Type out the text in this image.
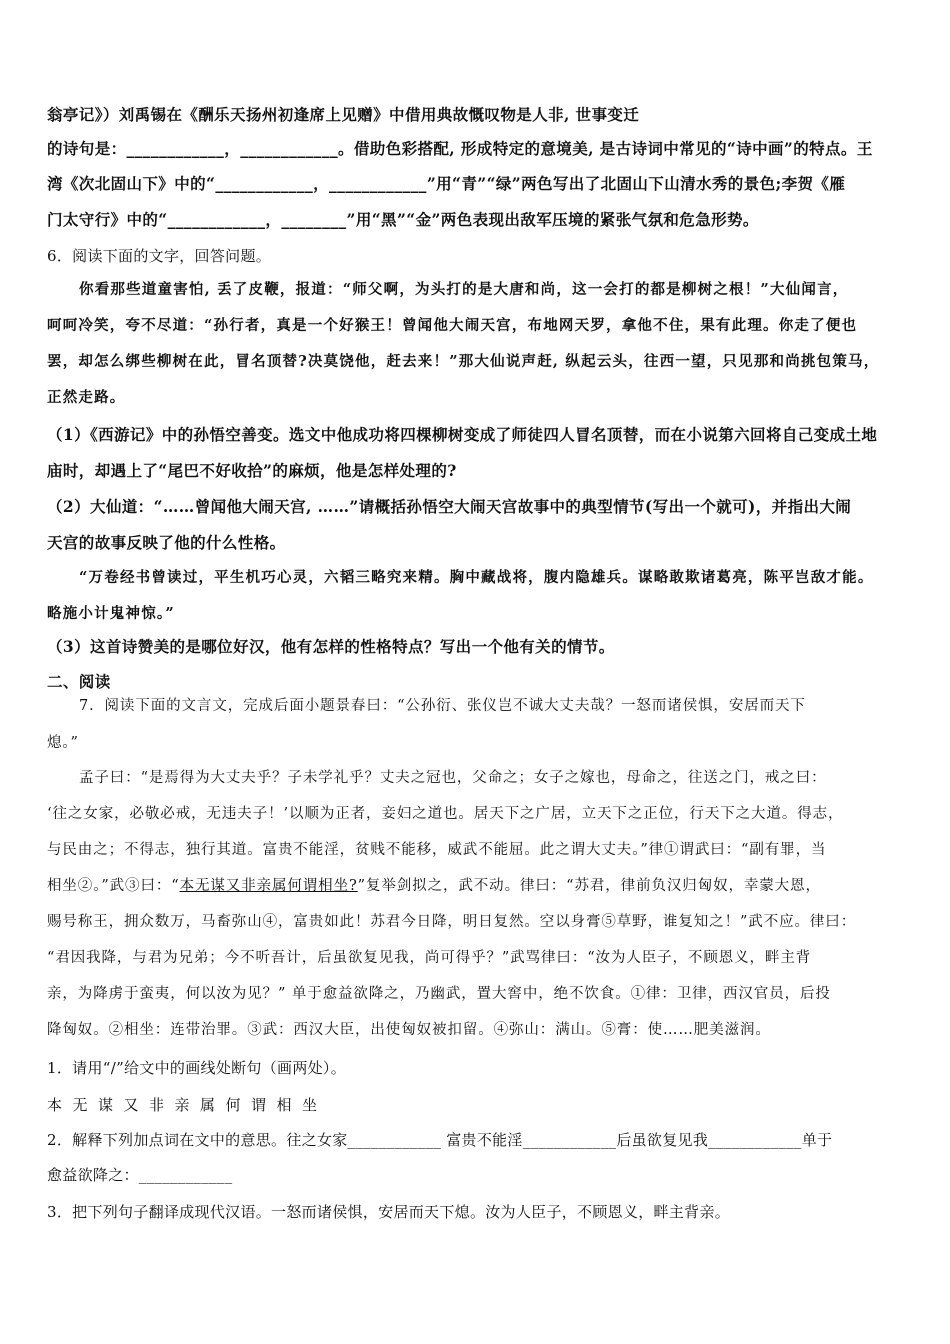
翁亭记》）刘禹锡在《酬乐天扬州初逢席上见赠》中借用典故慨叹物是人非, 世事变迁
的诗句是：____________，____________。借助色彩搭配, 形成特定的意境美, 是古诗词中常见的“诗中画”的特点。王
湾《次北固山下》中的“____________，____________”用“青”“绿”两色写出了北固山下山清水秀的景色;李贺《雁
门太守行》中的“____________，________”用“黑”“金”两色表现出敌军压境的紧张气氛和危急形势。
6．阅读下面的文字，回答问题。
你看那些道童害怕, 丢了皮鞭，报道：“师父啊，为头打的是大唐和尚，这一会打的都是柳树之根！”大仙闻言，
呵呵冷笑，夸不尽道：“孙行者，真是一个好猴王！曾闻他大闹天宫，布地网天罗，拿他不住，果有此理。你走了便也
罢，却怎么绑些柳树在此，冒名顶替?决莫饶他，赶去来！”那大仙说声赶, 纵起云头，往西一望，只见那和尚挑包策马，
正然走路。
（1）《西游记》中的孙悟空善变。选文中他成功将四棵柳树变成了师徒四人冒名顶替，而在小说第六回将自己变成土地
庙时，却遇上了“尾巴不好收拾”的麻烦，他是怎样处理的?
（2）大仙道：“……曾闻他大闹天宫, ……”请概括孙悟空大闹天宫故事中的典型情节(写出一个就可)，并指出大闹
天宫的故事反映了他的什么性格。
“万卷经书曾读过，平生机巧心灵，六韬三略究来精。胸中藏战将，腹内隐雄兵。谋略敢欺诸葛亮，陈平岂敌才能。
略施小计鬼神惊。”
（3）这首诗赞美的是哪位好汉，他有怎样的性格特点？写出一个他有关的情节。
二、阅读
7．阅读下面的文言文，完成后面小题景春曰：“公孙衍、张仪岂不诚大丈夫哉？一怒而诸侯惧，安居而天下
熄。”
孟子曰：“是焉得为大丈夫乎？子未学礼乎？丈夫之冠也，父命之；女子之嫁也，母命之，往送之门，戒之曰：
‘往之女家，必敬必戒，无违夫子！’以顺为正者，妾妇之道也。居天下之广居，立天下之正位，行天下之大道。得志，
与民由之；不得志，独行其道。富贵不能淫，贫贱不能移，威武不能屈。此之谓大丈夫。”律①谓武曰：“副有罪，当
相坐②。”武③曰：“本无谋又非亲属何谓相坐?”复举剑拟之，武不动。律曰：“苏君，律前负汉归匈奴，幸蒙大恩，
赐号称王，拥众数万，马畜弥山④，富贵如此！苏君今日降，明日复然。空以身膏⑤草野，谁复知之！”武不应。律曰：
“君因我降，与君为兄弟；今不听吾计，后虽欲复见我，尚可得乎？”武骂律曰：“汝为人臣子，不顾恩义，畔主背
亲，为降虏于蛮夷，何以汝为见？” 单于愈益欲降之，乃幽武，置大窖中，绝不饮食。①律：卫律，西汉官员，后投
降匈奴。②相坐：连带治罪。③武：西汉大臣，出使匈奴被扣留。④弥山：满山。⑤膏：使……肥美滋润。
1．请用“/”给文中的画线处断句（画两处）。
本无谋又非亲属何谓相坐
2．解释下列加点词在文中的意思。往之女家____________ 富贵不能淫____________后虽欲复见我____________单于
愈益欲降之：____________
3．把下列句子翻译成现代汉语。一怒而诸侯惧，安居而天下熄。汝为人臣子，不顾恩义，畔主背亲。
